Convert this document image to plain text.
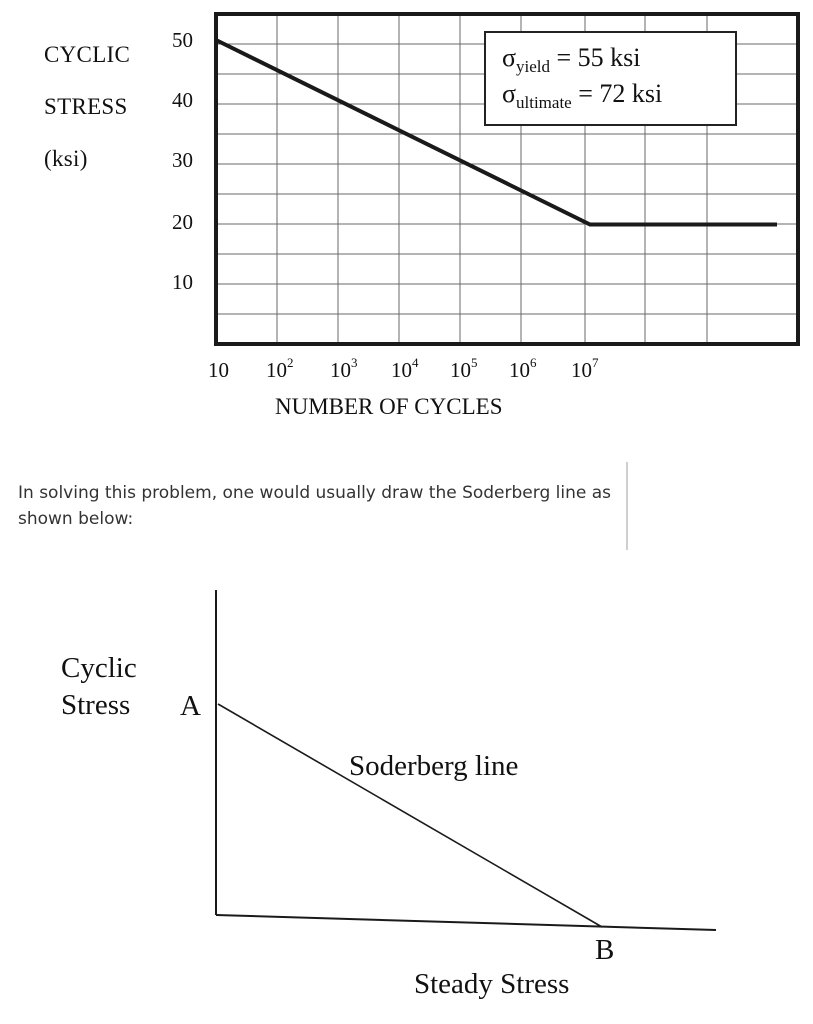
CYCLIC
STRESS
(ksi)
50
40
30
20
10
$\sigma_{yield} = 55$ ksi
$\sigma_{ultimate} = 72$ ksi
10 $10^2$ $10^3$ $10^4$ $10^5$ $10^6$ $10^7$
NUMBER OF CYCLES
In solving this problem, one would usually draw the Soderberg line as shown below:
Cyclic
Stress A
Soderberg line
B
Steady Stress
